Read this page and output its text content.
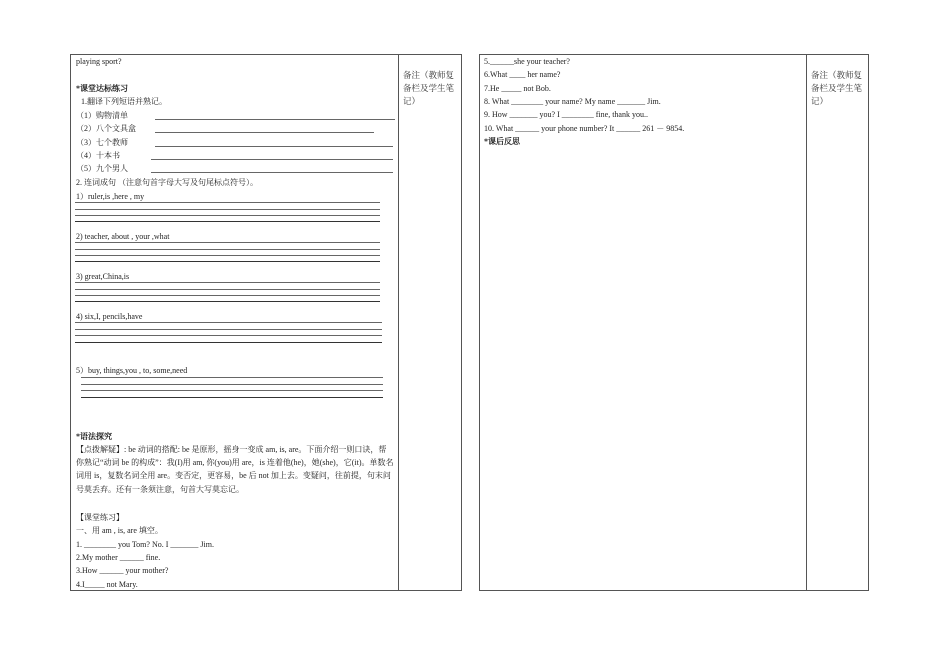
备注（教师复备栏及学生笔记）
playing sport?
*课堂达标练习
1.翻译下列短语并熟记。
（1）购物清单
（2）八个文具盒
（3）七个教师
（4）十本书
（5）九个男人
2. 连词成句 （注意句首字母大写及句尾标点符号）。
1）ruler,is ,here , my
2) teacher, about , your ,what
3) great,China,is
4) six,I, pencils,have
5）buy, things,you , to, some,need
*语法探究
【点拨解疑】: be 动词的搭配: be 是原形，摇身一变成 am, is, are。下面介绍一则口诀，帮你熟记“动词 be 的构成”：我(I)用 am, 你(you)用 are，is 连着他(he)，她(she)，它(it)。单数名词用 is，复数名词全用 are。变否定，更容易，be 后 not 加上去。变疑问，往前提，句末问号莫丢弃。还有一条须注意，句首大写莫忘记。
【课堂练习】
一、用 am , is, are 填空。
1. ________ you Tom? No. I _______ Jim.
2.My mother ______ fine.
3.How ______ your mother?
4.I_____ not Mary.
备注（教师复备栏及学生笔记）
5.______she your teacher?
6.What ____ her name?
7.He _____ not Bob.
8. What ________ your name? My name _______ Jim.
9. How _______ you? I ________ fine, thank you..
10. What ______ your phone number? It ______ 261 － 9854.
*课后反思
